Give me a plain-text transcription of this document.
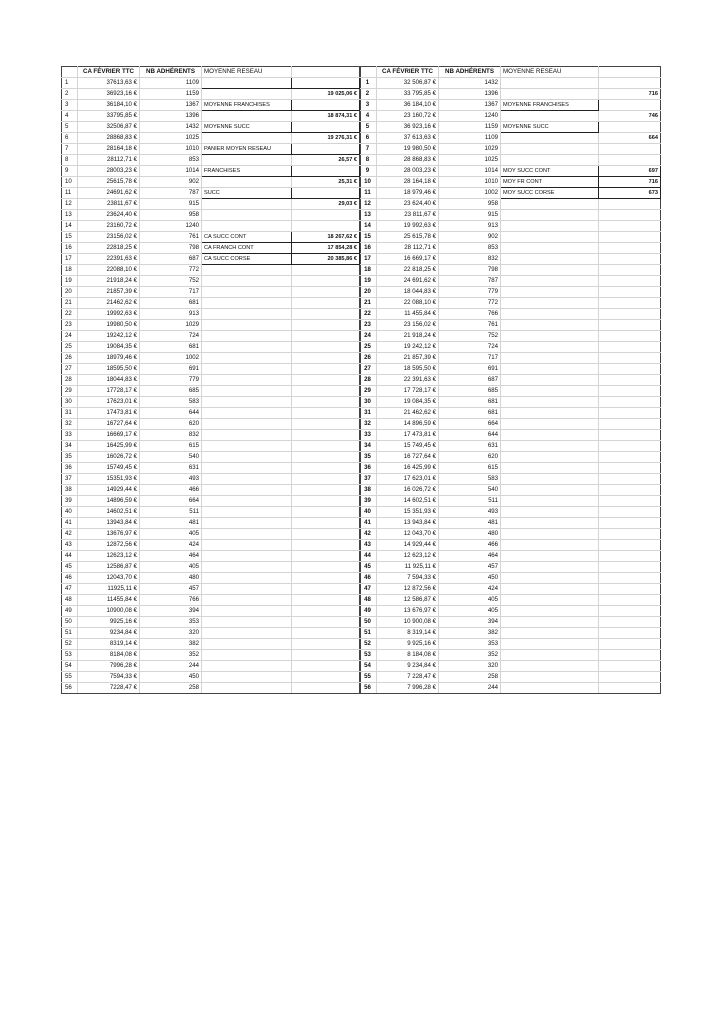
	CA FÉVRIER TTC	NB ADHÉRENTS	MOYENNE RESEAU	
1	37613,63 €	1109		
2	36923,16 €	1159		19 025,06 €
3	36184,10 €	1367	MOYENNE FRANCHISES	
4	33795,85 €	1396		18 874,31 €
5	32506,87 €	1432	MOYENNE SUCC	
6	28868,83 €	1025		19 276,31 €
7	28164,18 €	1010	PANIER MOYEN RESEAU	
8	28112,71 €	853		26,57 €
9	28003,23 €	1014	FRANCHISES	
10	25615,78 €	902		25,31 €
11	24691,62 €	787	SUCC	
12	23811,67 €	915		29,03 €
13	23624,40 €	958		
14	23160,72 €	1240		
15	23156,02 €	761	CA SUCC CONT	18 267,62 €
16	22818,25 €	798	CA FRANCH CONT	17 854,28 €
17	22391,63 €	687	CA SUCC CORSE	20 385,86 €
18	22088,10 €	772		
19	21918,24 €	752		
20	21857,39 €	717		
21	21462,62 €	681		
22	19992,63 €	913		
23	19980,50 €	1029		
24	19242,12 €	724		
25	19084,35 €	681		
26	18979,46 €	1002		
27	18595,50 €	691		
28	18044,83 €	779		
29	17728,17 €	685		
30	17623,01 €	583		
31	17473,81 €	644		
32	16727,64 €	620		
33	16669,17 €	832		
34	16425,99 €	615		
35	16026,72 €	540		
36	15749,45 €	631		
37	15351,93 €	493		
38	14929,44 €	466		
39	14896,59 €	664		
40	14602,51 €	511		
41	13943,84 €	481		
42	13676,97 €	405		
43	12872,56 €	424		
44	12623,12 €	464		
45	12586,87 €	405		
46	12043,70 €	480		
47	11925,11 €	457		
48	11455,84 €	766		
49	10900,08 €	394		
50	9925,16 €	353		
51	9234,84 €	320		
52	8319,14 €	382		
53	8184,08 €	352		
54	7996,28 €	244		
55	7594,33 €	450		
56	7228,47 €	258		
	CA FÉVRIER TTC	NB ADHÉRENTS	MOYENNE RESEAU	
1	32 506,87 €	1432		
2	33 795,85 €	1396		716
3	36 184,10 €	1367	MOYENNE FRANCHISES	
4	23 160,72 €	1240		746
5	36 923,16 €	1159	MOYENNE SUCC	
6	37 613,63 €	1109		664
7	19 980,50 €	1029		
8	28 868,83 €	1025		
9	28 003,23 €	1014	MOY SUCC CONT	697
10	28 164,18 €	1010	MOY FR CONT	716
11	18 979,46 €	1002	MOY SUCC CORSE	673
12	23 624,40 €	958		
13	23 811,67 €	915		
14	19 992,63 €	913		
15	25 615,78 €	902		
16	28 112,71 €	853		
17	16 669,17 €	832		
18	22 818,25 €	798		
19	24 691,62 €	787		
20	18 044,83 €	779		
21	22 088,10 €	772		
22	11 455,84 €	766		
23	23 156,02 €	761		
24	21 918,24 €	752		
25	19 242,12 €	724		
26	21 857,39 €	717		
27	18 595,50 €	691		
28	22 391,63 €	687		
29	17 728,17 €	685		
30	19 084,35 €	681		
31	21 462,62 €	681		
32	14 896,59 €	664		
33	17 473,81 €	644		
34	15 749,45 €	631		
35	16 727,64 €	620		
36	16 425,99 €	615		
37	17 623,01 €	583		
38	16 026,72 €	540		
39	14 602,51 €	511		
40	15 351,93 €	493		
41	13 943,84 €	481		
42	12 043,70 €	480		
43	14 929,44 €	466		
44	12 623,12 €	464		
45	11 925,11 €	457		
46	7 594,33 €	450		
47	12 872,56 €	424		
48	12 586,87 €	405		
49	13 676,97 €	405		
50	10 900,08 €	394		
51	8 319,14 €	382		
52	9 925,16 €	353		
53	8 184,08 €	352		
54	9 234,84 €	320		
55	7 228,47 €	258		
56	7 996,28 €	244		
